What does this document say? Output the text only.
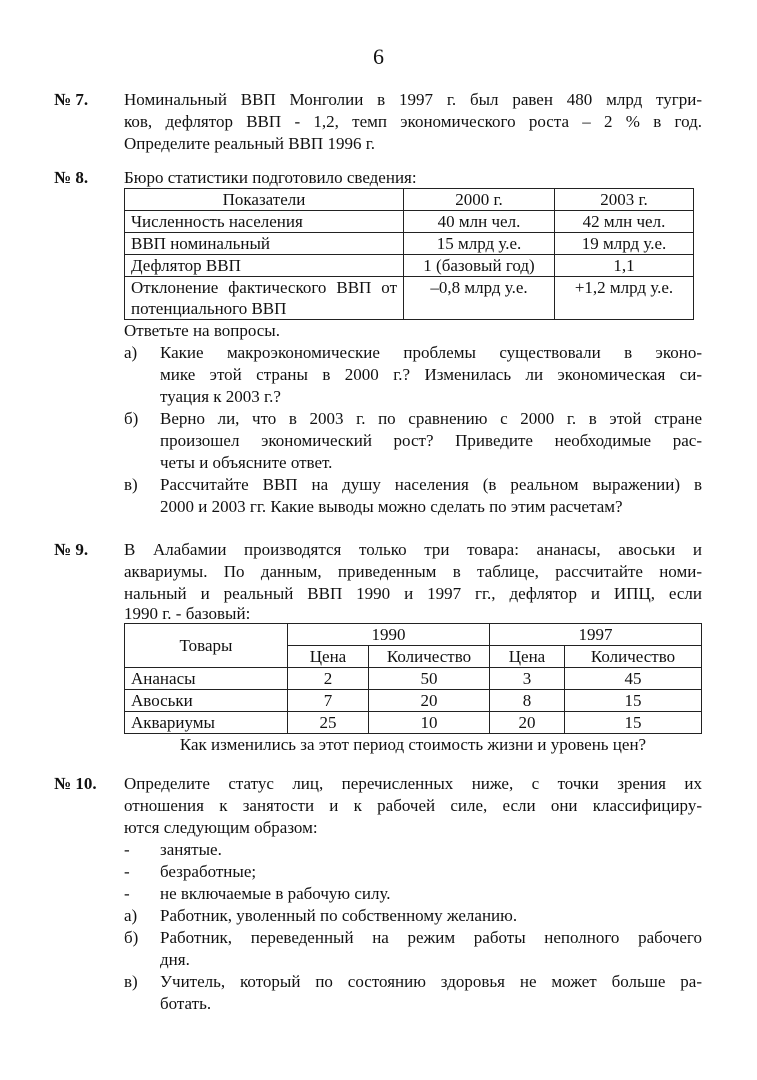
6
№ 7. Номинальный ВВП Монголии в 1997 г. был равен 480 млрд тугри-
ков, дефлятор ВВП - 1,2, темп экономического роста – 2 % в год.
Определите реальный ВВП 1996 г.
№ 8. Бюро статистики подготовило сведения:
Показатели	2000 г.	2003 г.
Численность населения	40 млн чел.	42 млн чел.
ВВП номинальный	15 млрд у.е.	19 млрд у.е.
Дефлятор ВВП	1 (базовый год)	1,1
Отклонение фактического ВВП от потенциального ВВП	–0,8 млрд у.е.	+1,2 млрд у.е.
Ответьте на вопросы.
а) Какие макроэкономические проблемы существовали в эконо-
мике этой страны в 2000 г.? Изменилась ли экономическая си-
туация к 2003 г.?
б) Верно ли, что в 2003 г. по сравнению с 2000 г. в этой стране
произошел экономический рост? Приведите необходимые рас-
четы и объясните ответ.
в) Рассчитайте ВВП на душу населения (в реальном выражении) в
2000 и 2003 гг. Какие выводы можно сделать по этим расчетам?
№ 9. В Алабамии производятся только три товара: ананасы, авоськи и
аквариумы. По данным, приведенным в таблице, рассчитайте номи-
нальный и реальный ВВП 1990 и 1997 гг., дефлятор и ИПЦ, если
1990 г. - базовый:
Товары	1990		1997	
	Цена	Количество	Цена	Количество
Ананасы	2	50	3	45
Авоськи	7	20	8	15
Аквариумы	25	10	20	15
Как изменились за этот период стоимость жизни и уровень цен?
№ 10. Определите статус лиц, перечисленных ниже, с точки зрения их
отношения к занятости и к рабочей силе, если они классифициру-
ются следующим образом:
- занятые.
- безработные;
- не включаемые в рабочую силу.
а) Работник, уволенный по собственному желанию.
б) Работник, переведенный на режим работы неполного рабочего
дня.
в) Учитель, который по состоянию здоровья не может больше ра-
ботать.
